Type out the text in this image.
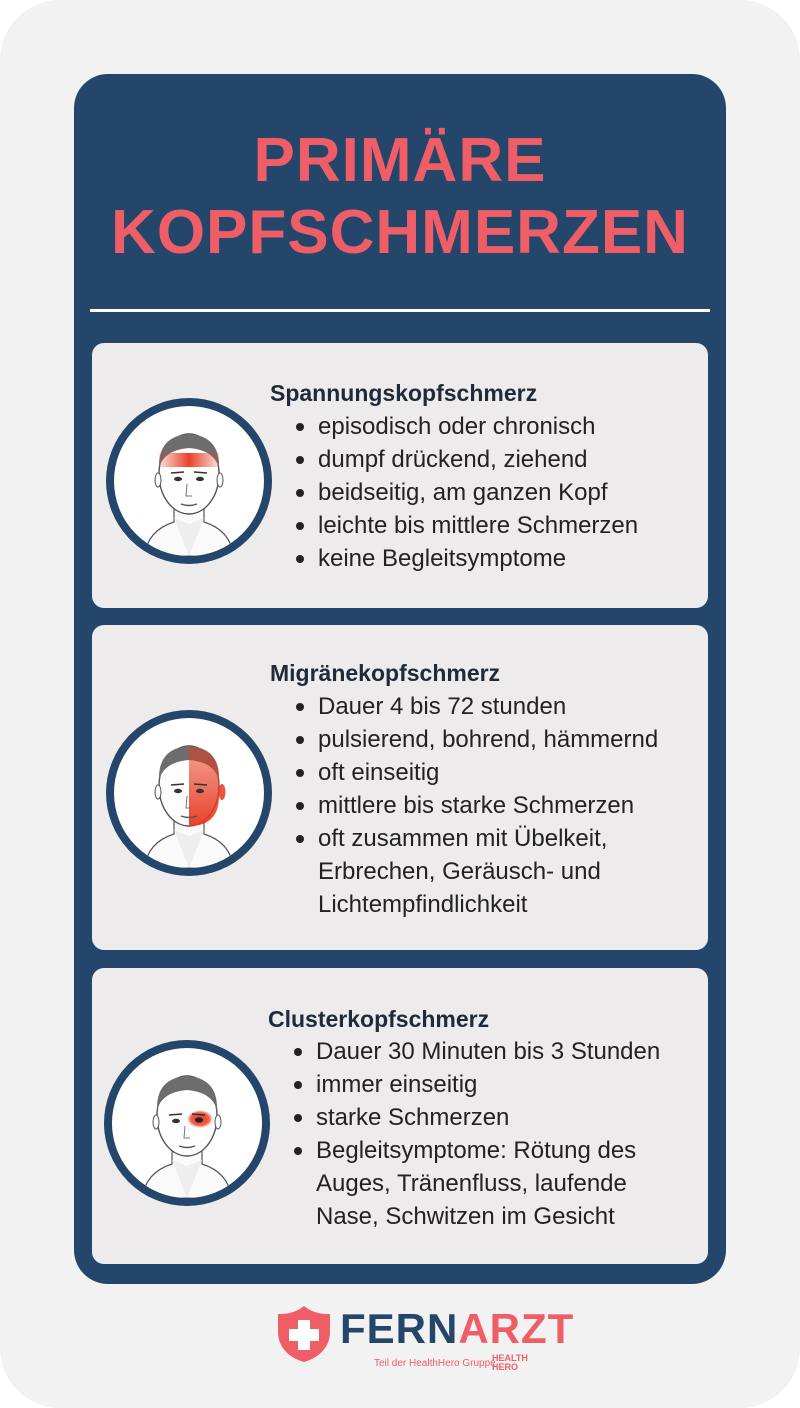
PRIMÄRE
KOPFSCHMERZEN
Spannungskopfschmerz
episodisch oder chronisch
dumpf drückend, ziehend
beidseitig, am ganzen Kopf
leichte bis mittlere Schmerzen
keine Begleitsymptome
Migränekopfschmerz
Dauer 4 bis 72 stunden
pulsierend, bohrend, hämmernd
oft einseitig
mittlere bis starke Schmerzen
oft zusammen mit Übelkeit,
Erbrechen, Geräusch- und
Lichtempfindlichkeit
Clusterkopfschmerz
Dauer 30 Minuten bis 3 Stunden
immer einseitig
starke Schmerzen
Begleitsymptome: Rötung des
Auges, Tränenfluss, laufende
Nase, Schwitzen im Gesicht
FERNARZT
Teil der HealthHero Gruppe
HEALTH
HERO
